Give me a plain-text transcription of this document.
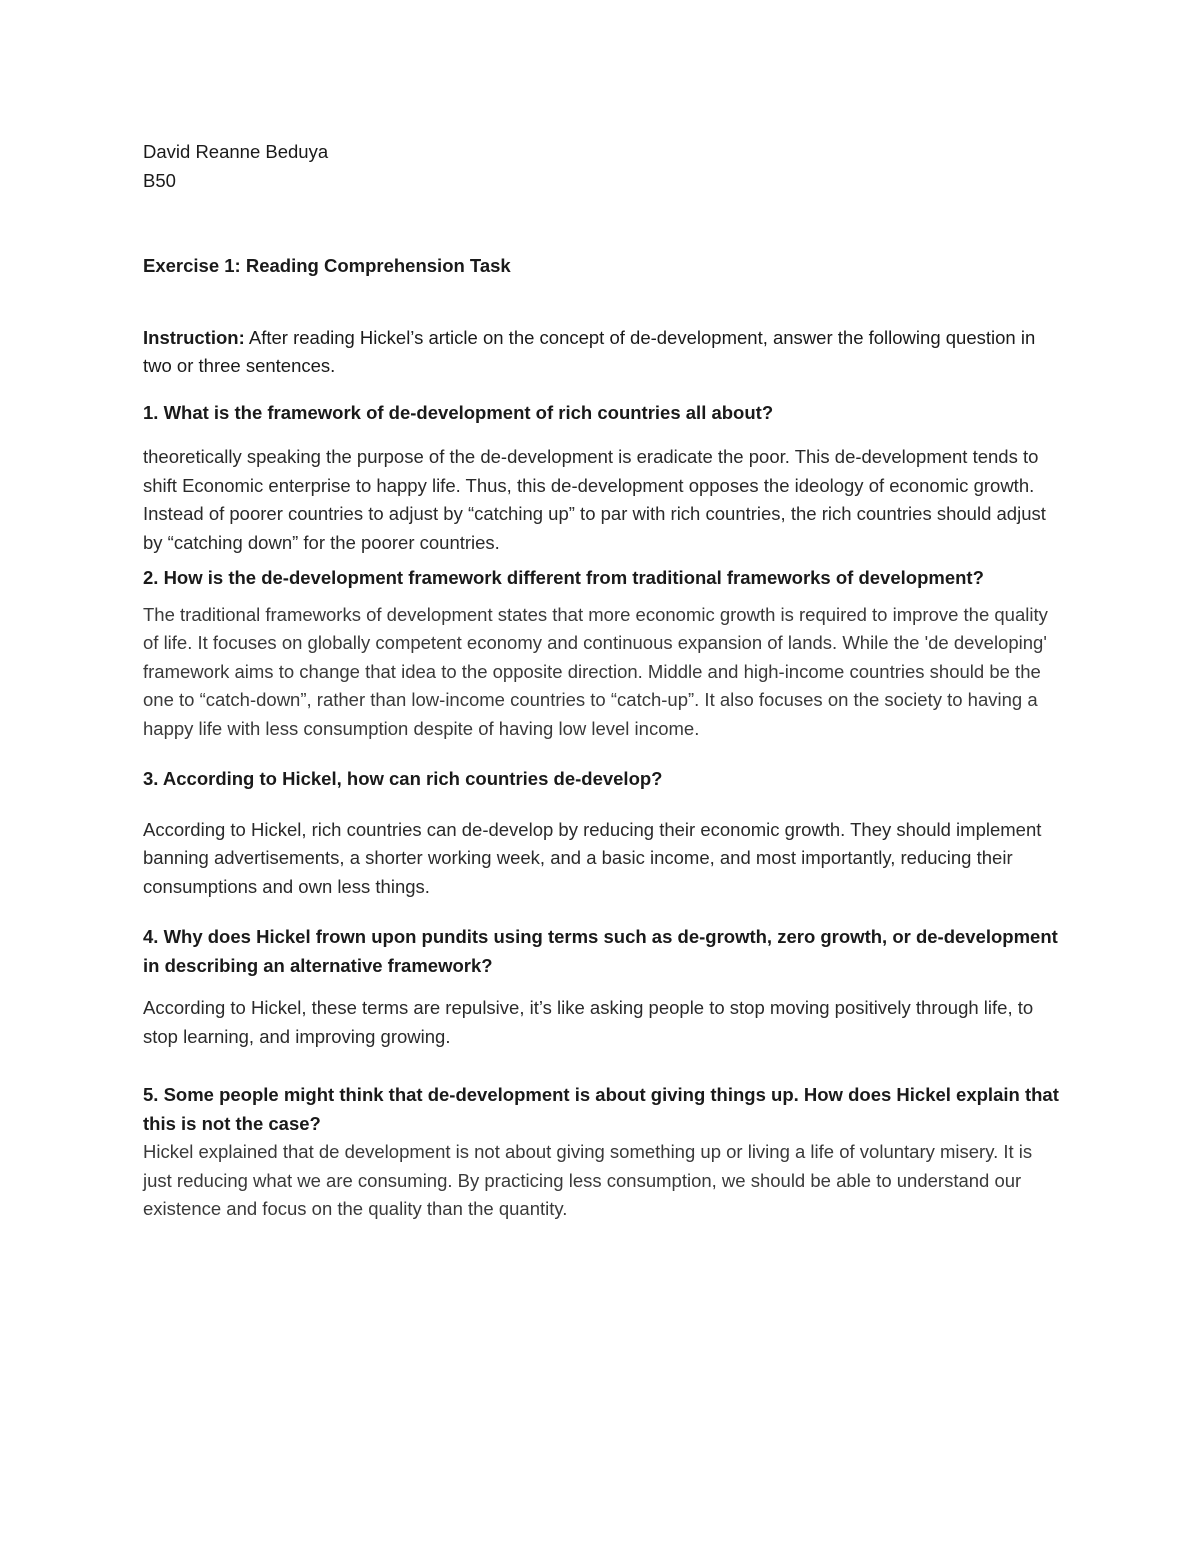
David Reanne Beduya

B50

Exercise 1: Reading Comprehension Task

Instruction: After reading Hickel’s article on the concept of de-development, answer the following question in two or three sentences.

1. What is the framework of de-development of rich countries all about?

theoretically speaking the purpose of the de-development is eradicate the poor. This de-development tends to shift Economic enterprise to happy life. Thus, this de-development opposes the ideology of economic growth. Instead of poorer countries to adjust by “catching up” to par with rich countries, the rich countries should adjust by “catching down” for the poorer countries.

2. How is the de-development framework different from traditional frameworks of development?

The traditional frameworks of development states that more economic growth is required to improve the quality of life. It focuses on globally competent economy and continuous expansion of lands. While the 'de developing' framework aims to change that idea to the opposite direction. Middle and high-income countries should be the one to “catch-down”, rather than low-income countries to “catch-up”. It also focuses on the society to having a happy life with less consumption despite of having low level income.

3. According to Hickel, how can rich countries de-develop?

According to Hickel, rich countries can de-develop by reducing their economic growth. They should implement banning advertisements, a shorter working week, and a basic income, and most importantly, reducing their consumptions and own less things.

4. Why does Hickel frown upon pundits using terms such as de-growth, zero growth, or de-development in describing an alternative framework?

According to Hickel, these terms are repulsive, it’s like asking people to stop moving positively through life, to stop learning, and improving growing.

5. Some people might think that de-development is about giving things up. How does Hickel explain that this is not the case?

Hickel explained that de development is not about giving something up or living a life of voluntary misery. It is just reducing what we are consuming. By practicing less consumption, we should be able to understand our existence and focus on the quality than the quantity.
